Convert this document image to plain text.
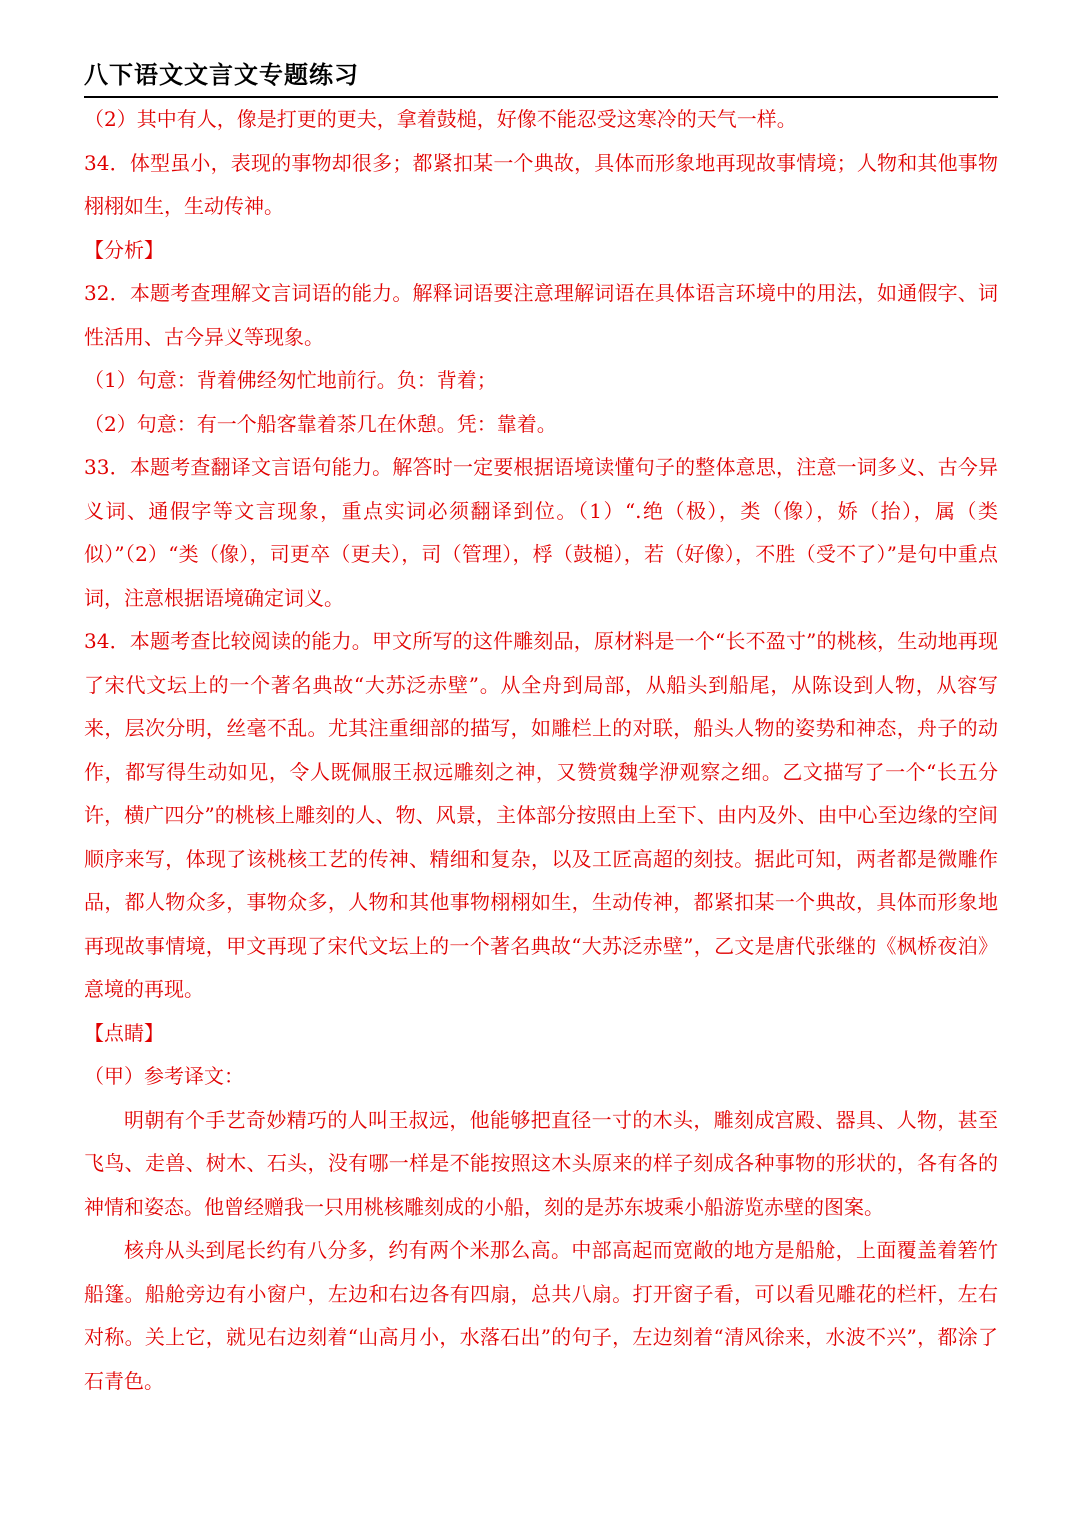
八下语文文言文专题练习

（2）其中有人，像是打更的更夫，拿着鼓槌，好像不能忍受这寒冷的天气一样。

34．体型虽小，表现的事物却很多；都紧扣某一个典故，具体而形象地再现故事情境；人物和其他事物栩栩如生，生动传神。

【分析】

32．本题考查理解文言词语的能力。解释词语要注意理解词语在具体语言环境中的用法，如通假字、词性活用、古今异义等现象。

（1）句意：背着佛经匆忙地前行。负：背着；

（2）句意：有一个船客靠着茶几在休憩。凭：靠着。

33．本题考查翻译文言语句能力。解答时一定要根据语境读懂句子的整体意思，注意一词多义、古今异义词、通假字等文言现象，重点实词必须翻译到位。（1）“.绝（极），类（像），娇（抬），属（类似）”（2）“类（像），司更卒（更夫），司（管理），桴（鼓槌），若（好像），不胜（受不了）”是句中重点词，注意根据语境确定词义。

34．本题考查比较阅读的能力。甲文所写的这件雕刻品，原材料是一个“长不盈寸”的桃核，生动地再现了宋代文坛上的一个著名典故“大苏泛赤壁”。从全舟到局部，从船头到船尾，从陈设到人物，从容写来，层次分明，丝毫不乱。尤其注重细部的描写，如雕栏上的对联，船头人物的姿势和神态，舟子的动作，都写得生动如见，令人既佩服王叔远雕刻之神，又赞赏魏学洢观察之细。乙文描写了一个“长五分许，横广四分”的桃核上雕刻的人、物、风景，主体部分按照由上至下、由内及外、由中心至边缘的空间顺序来写，体现了该桃核工艺的传神、精细和复杂，以及工匠高超的刻技。据此可知，两者都是微雕作品，都人物众多，事物众多，人物和其他事物栩栩如生，生动传神，都紧扣某一个典故，具体而形象地再现故事情境，甲文再现了宋代文坛上的一个著名典故“大苏泛赤壁”，乙文是唐代张继的《枫桥夜泊》意境的再现。

【点睛】

（甲）参考译文：

明朝有个手艺奇妙精巧的人叫王叔远，他能够把直径一寸的木头，雕刻成宫殿、器具、人物，甚至飞鸟、走兽、树木、石头，没有哪一样是不能按照这木头原来的样子刻成各种事物的形状的，各有各的神情和姿态。他曾经赠我一只用桃核雕刻成的小船，刻的是苏东坡乘小船游览赤壁的图案。

核舟从头到尾长约有八分多，约有两个米那么高。中部高起而宽敞的地方是船舱，上面覆盖着箬竹船篷。船舱旁边有小窗户，左边和右边各有四扇，总共八扇。打开窗子看，可以看见雕花的栏杆，左右对称。关上它，就见右边刻着“山高月小，水落石出”的句子，左边刻着“清风徐来，水波不兴”，都涂了石青色。
